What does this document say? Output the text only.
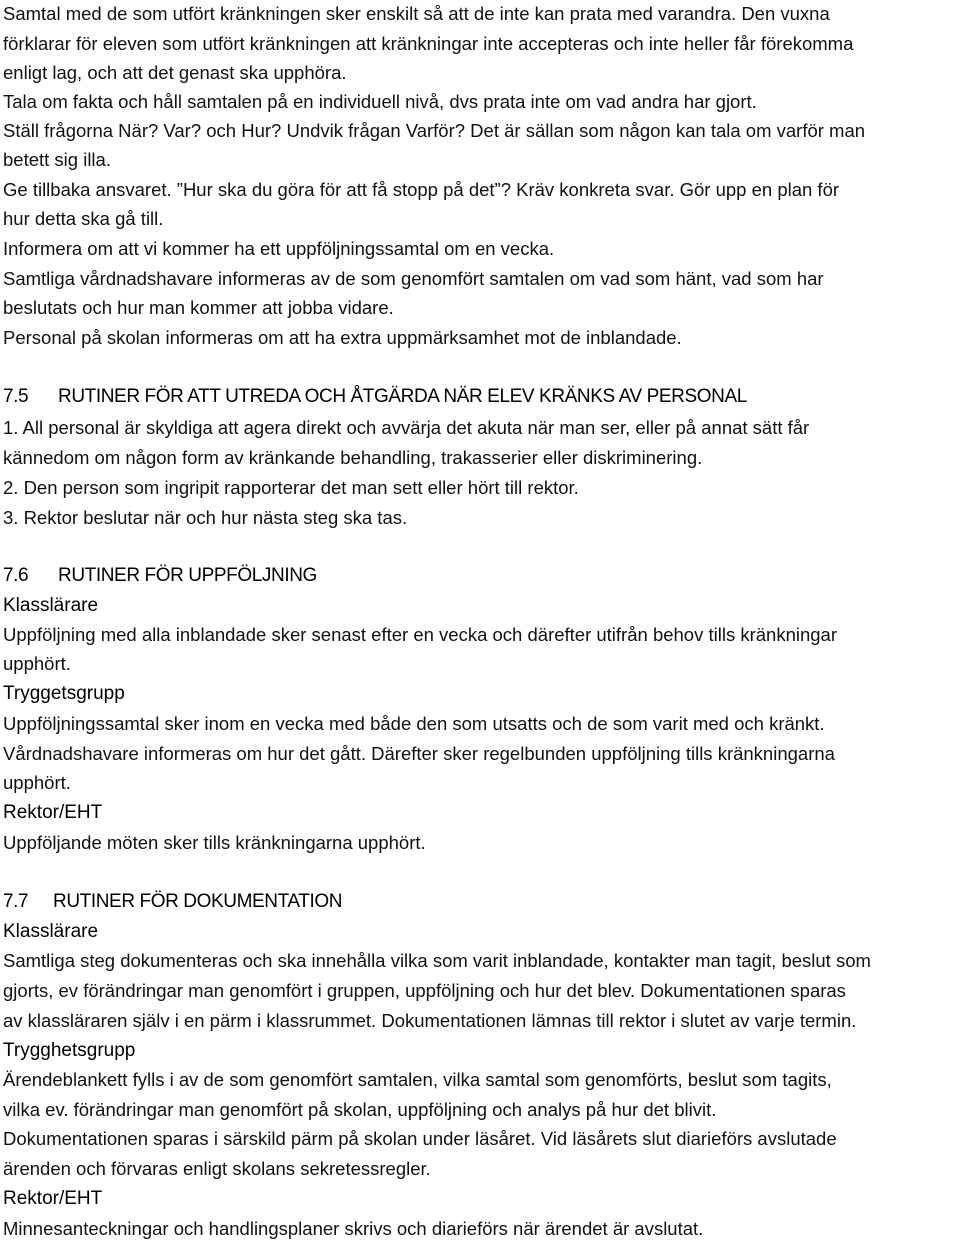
Samtal med de som utfört kränkningen sker enskilt så att de inte kan prata med varandra. Den vuxna
förklarar för eleven som utfört kränkningen att kränkningar inte accepteras och inte heller får förekomma
enligt lag, och att det genast ska upphöra.
Tala om fakta och håll samtalen på en individuell nivå, dvs prata inte om vad andra har gjort.
Ställ frågorna När? Var? och Hur? Undvik frågan Varför? Det är sällan som någon kan tala om varför man
betett sig illa.
Ge tillbaka ansvaret. ”Hur ska du göra för att få stopp på det”? Kräv konkreta svar. Gör upp en plan för
hur detta ska gå till.
Informera om att vi kommer ha ett uppföljningssamtal om en vecka.
Samtliga vårdnadshavare informeras av de som genomfört samtalen om vad som hänt, vad som har
beslutats och hur man kommer att jobba vidare.
Personal på skolan informeras om att ha extra uppmärksamhet mot de inblandade.
7.5 RUTINER FÖR ATT UTREDA OCH ÅTGÄRDA NÄR ELEV KRÄNKS AV PERSONAL
1. All personal är skyldiga att agera direkt och avvärja det akuta när man ser, eller på annat sätt får
kännedom om någon form av kränkande behandling, trakasserier eller diskriminering.
2. Den person som ingripit rapporterar det man sett eller hört till rektor.
3. Rektor beslutar när och hur nästa steg ska tas.
7.6 RUTINER FÖR UPPFÖLJNING
Klasslärare
Uppföljning med alla inblandade sker senast efter en vecka och därefter utifrån behov tills kränkningar
upphört.
Tryggetsgrupp
Uppföljningssamtal sker inom en vecka med både den som utsatts och de som varit med och kränkt.
Vårdnadshavare informeras om hur det gått. Därefter sker regelbunden uppföljning tills kränkningarna
upphört.
Rektor/EHT
Uppföljande möten sker tills kränkningarna upphört.
7.7 RUTINER FÖR DOKUMENTATION
Klasslärare
Samtliga steg dokumenteras och ska innehålla vilka som varit inblandade, kontakter man tagit, beslut som
gjorts, ev förändringar man genomfört i gruppen, uppföljning och hur det blev. Dokumentationen sparas
av klassläraren själv i en pärm i klassrummet. Dokumentationen lämnas till rektor i slutet av varje termin.
Trygghetsgrupp
Ärendeblankett fylls i av de som genomfört samtalen, vilka samtal som genomförts, beslut som tagits,
vilka ev. förändringar man genomfört på skolan, uppföljning och analys på hur det blivit.
Dokumentationen sparas i särskild pärm på skolan under läsåret. Vid läsårets slut diarieförs avslutade
ärenden och förvaras enligt skolans sekretessregler.
Rektor/EHT
Minnesanteckningar och handlingsplaner skrivs och diarieförs när ärendet är avslutat.
